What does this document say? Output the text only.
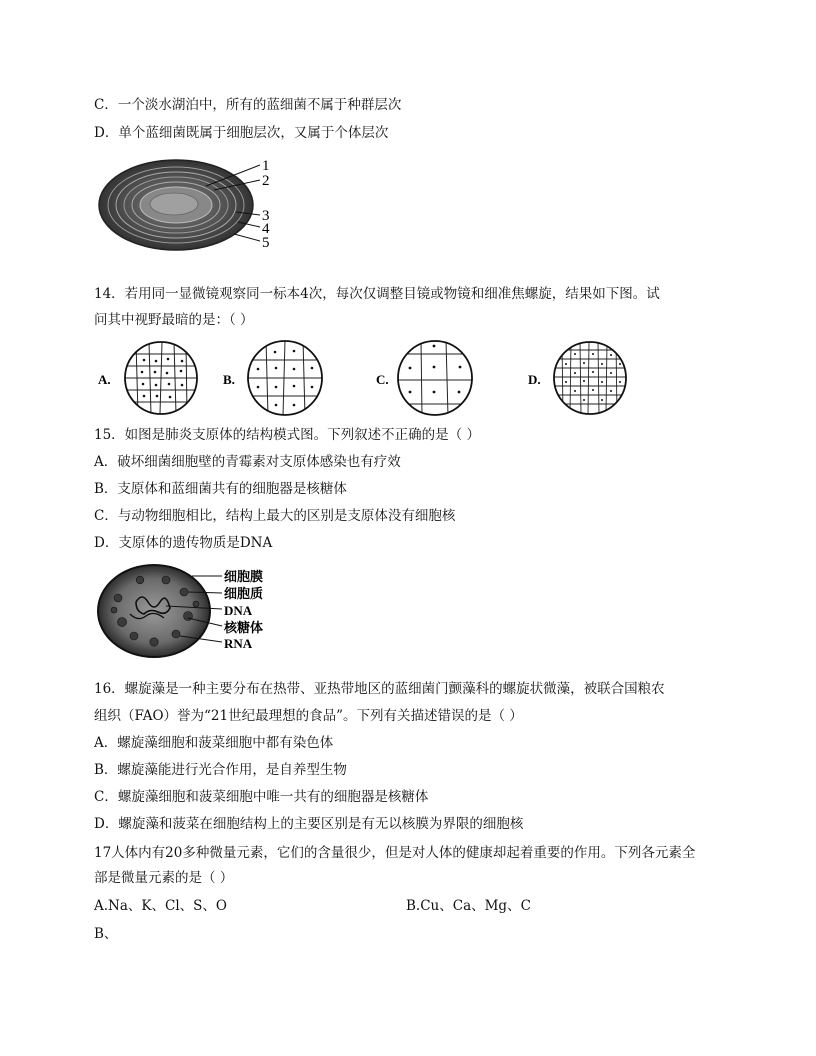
C．一个淡水湖泊中，所有的蓝细菌不属于种群层次
D．单个蓝细菌既属于细胞层次，又属于个体层次
1
2
3
4
5
14．若用同一显微镜观察同一标本4次，每次仅调整目镜或物镜和细准焦螺旋，结果如下图。试
问其中视野最暗的是：（ ）
A.	B.	C.	D.
15．如图是肺炎支原体的结构模式图。下列叙述不正确的是（ ）
A．破坏细菌细胞壁的青霉素对支原体感染也有疗效
B．支原体和蓝细菌共有的细胞器是核糖体
C．与动物细胞相比，结构上最大的区别是支原体没有细胞核
D．支原体的遗传物质是DNA
细胞膜
细胞质
DNA
核糖体
RNA
16．螺旋藻是一种主要分布在热带、亚热带地区的蓝细菌门颤藻科的螺旋状微藻，被联合国粮农
组织（FAO）誉为“21世纪最理想的食品”。下列有关描述错误的是（ ）
A．螺旋藻细胞和菠菜细胞中都有染色体
B．螺旋藻能进行光合作用，是自养型生物
C．螺旋藻细胞和菠菜细胞中唯一共有的细胞器是核糖体
D．螺旋藻和菠菜在细胞结构上的主要区别是有无以核膜为界限的细胞核
17人体内有20多种微量元素，它们的含量很少，但是对人体的健康却起着重要的作用。下列各元素全
部是微量元素的是（ ）
A.Na、K、Cl、S、O	B.Cu、Ca、Mg、C
B、
